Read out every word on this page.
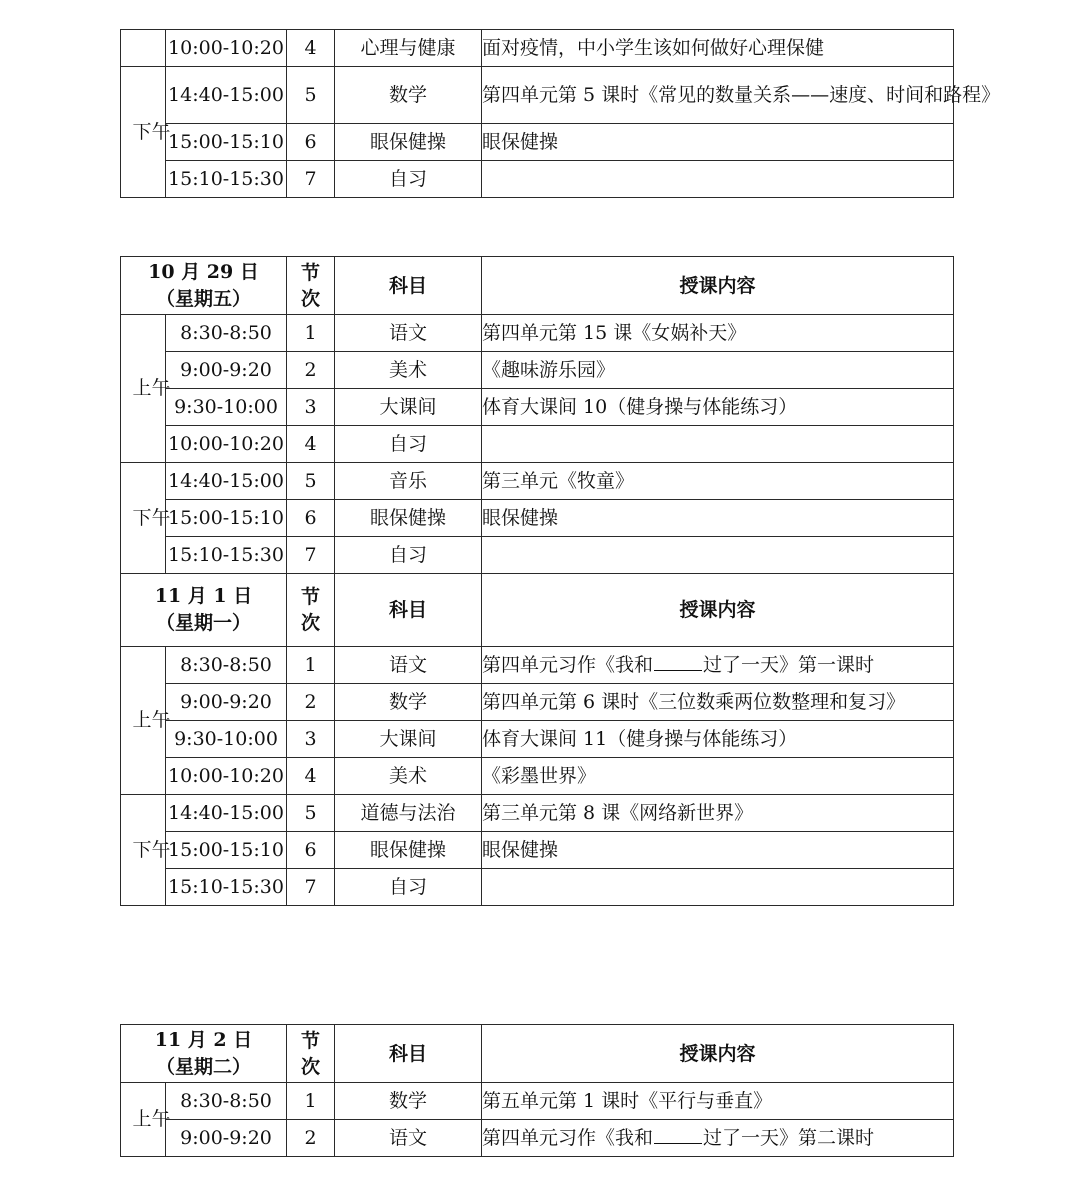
	10:00-10:20	4	心理与健康	面对疫情，中小学生该如何做好心理保健
下午	14:40-15:00	5	数学	第四单元第 5 课时《常见的数量关系——速度、时间和路程》
	15:00-15:10	6	眼保健操	眼保健操
	15:10-15:30	7	自习	
10 月 29 日
（星期五）		节次	科目	授课内容
上午	8:30-8:50	1	语文	第四单元第 15 课《女娲补天》
	9:00-9:20	2	美术	《趣味游乐园》
	9:30-10:00	3	大课间	体育大课间 10（健身操与体能练习）
	10:00-10:20	4	自习	
下午	14:40-15:00	5	音乐	第三单元《牧童》
	15:00-15:10	6	眼保健操	眼保健操
	15:10-15:30	7	自习	

11 月 1 日
（星期一）		节次	科目	授课内容
上午	8:30-8:50	1	语文	第四单元习作《我和 过了一天》第一课时
	9:00-9:20	2	数学	第四单元第 6 课时《三位数乘两位数整理和复习》
	9:30-10:00	3	大课间	体育大课间 11（健身操与体能练习）
	10:00-10:20	4	美术	《彩墨世界》
下午	14:40-15:00	5	道德与法治	第三单元第 8 课《网络新世界》
	15:00-15:10	6	眼保健操	眼保健操
	15:10-15:30	7	自习	
11 月 2 日
（星期二）		节次	科目	授课内容
上午	8:30-8:50	1	数学	第五单元第 1 课时《平行与垂直》
	9:00-9:20	2	语文	第四单元习作《我和 过了一天》第二课时
